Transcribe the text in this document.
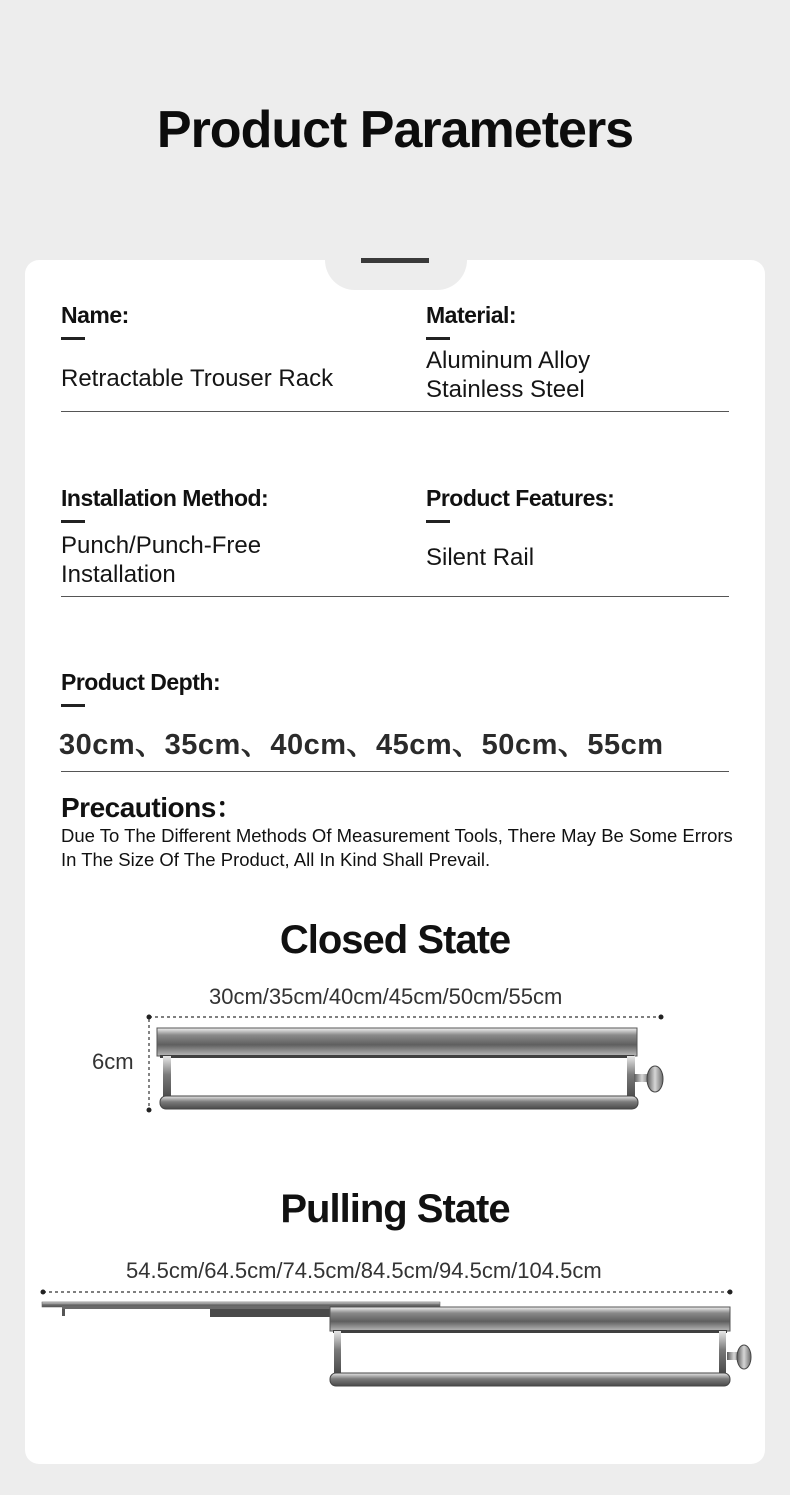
Product Parameters
Name:
Retractable Trouser Rack
Material:
Aluminum Alloy
Stainless Steel
Installation Method:
Punch/Punch-Free
Installation
Product Features:
Silent Rail
Product Depth:
30cm、35cm、40cm、45cm、50cm、55cm
Precautions：
Due To The Different Methods Of Measurement Tools, There May Be Some Errors In The Size Of The Product, All In Kind Shall Prevail.
Closed State
30cm/35cm/40cm/45cm/50cm/55cm
6cm
Pulling State
54.5cm/64.5cm/74.5cm/84.5cm/94.5cm/104.5cm
